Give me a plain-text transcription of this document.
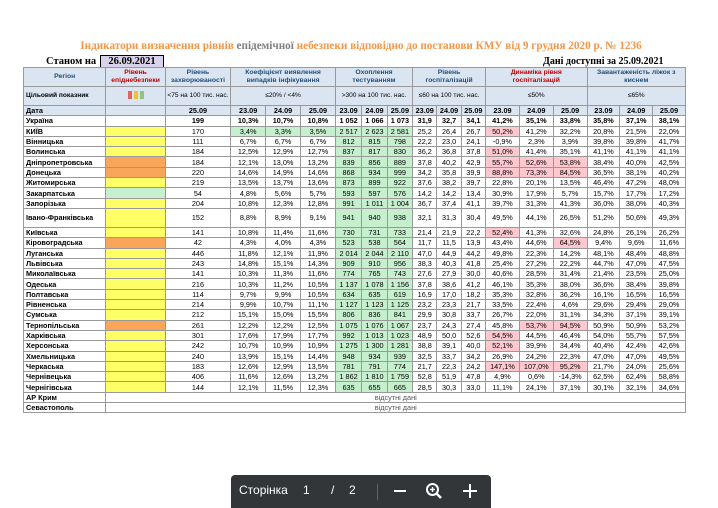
Індикатори визначення рівнів епідемічної небезпеки відповідно до постанови КМУ від 9 грудня 2020 р. № 1236
Станом на	26.09.2021	Дані доступні за 25.09.2021
Регіон	Рівень епіднебезпеки	Рівень захворюваності	Коефіцієнт виявлення випадків інфікування			Охоплення тестуванням			Рівень госпіталізацій			Динаміка рівня госпіталізацій			Завантаженість ліжок з киснем		
Цільовий показник		<75 на 100 тис. нас.	≤20% / <4%			>300 на 100 тис. нас.			≤60 на 100 тис. нас.			≤50%			≤65%		
Дата		25.09	23.09	24.09	25.09	23.09	24.09	25.09	23.09	24.09	25.09	23.09	24.09	25.09	23.09	24.09	25.09
Україна		199	10,3%	10,7%	10,8%	1 052	1 066	1 073	31,9	32,7	34,1	41,2%	35,1%	33,8%	35,8%	37,1%	38,1%
КИЇВ		170	3,4%	3,3%	3,5%	2 517	2 623	2 581	25,2	26,4	26,7	50,2%	41,2%	32,2%	20,8%	21,5%	22,0%
Вінницька		111	6,7%	6,7%	6,7%	812	815	798	22,2	23,0	24,1	-0,9%	2,3%	3,9%	39,8%	39,8%	41,7%
Волинська		184	12,5%	12,9%	12,7%	837	817	830	36,2	36,8	37,8	51,0%	41,4%	35,1%	41,1%	41,1%	41,1%
Дніпропетровська		184	12,1%	13,0%	13,2%	839	856	889	37,8	40,2	42,9	55,7%	52,6%	53,8%	38,4%	40,0%	42,5%
Донецька		220	14,6%	14,9%	14,6%	868	934	999	34,2	35,8	39,9	88,8%	73,3%	84,5%	36,5%	38,1%	40,2%
Житомирська		219	13,5%	13,7%	13,6%	873	899	922	37,6	38,2	39,7	22,8%	20,1%	13,5%	46,4%	47,2%	48,0%
Закарпатська		54	4,8%	5,6%	5,7%	593	597	576	14,2	14,2	13,4	30,9%	17,9%	5,7%	15,7%	17,7%	17,2%
Запорізька		204	10,8%	12,3%	12,8%	991	1 011	1 004	36,7	37,4	41,1	39,7%	31,3%	41,3%	36,0%	38,0%	40,3%
Івано-Франківська		152	8,8%	8,9%	9,1%	941	940	938	32,1	31,3	30,4	49,5%	44,1%	26,5%	51,2%	50,6%	49,3%
Київська		141	10,8%	11,4%	11,6%	730	731	733	21,4	21,9	22,2	52,4%	41,3%	32,6%	24,8%	26,1%	26,2%
Кіровоградська		42	4,3%	4,0%	4,3%	523	538	564	11,7	11,5	13,9	43,4%	44,6%	64,5%	9,4%	9,6%	11,6%
Луганська		446	11,8%	12,1%	11,9%	2 014	2 044	2 110	47,0	44,9	44,2	49,8%	22,3%	14,2%	48,1%	48,4%	48,8%
Львівська		243	14,8%	15,1%	14,3%	909	910	956	38,3	40,3	41,8	25,4%	27,2%	22,2%	44,7%	47,0%	47,5%
Миколаївська		141	10,3%	11,3%	11,6%	774	765	743	27,6	27,9	30,0	40,6%	28,5%	31,4%	21,4%	23,5%	25,0%
Одеська		216	10,3%	11,2%	10,5%	1 137	1 078	1 156	37,8	38,6	41,2	46,1%	35,3%	38,0%	36,6%	38,4%	39,8%
Полтавська		114	9,7%	9,9%	10,5%	634	635	619	16,9	17,0	18,2	35,3%	32,8%	36,2%	16,1%	16,5%	16,5%
Рівненська		214	9,9%	10,7%	11,1%	1 127	1 123	1 125	23,2	23,3	21,7	33,5%	22,4%	4,6%	29,6%	29,4%	29,0%
Сумська		212	15,1%	15,0%	15,5%	806	836	841	29,9	30,8	33,7	26,7%	22,0%	31,1%	34,3%	37,1%	39,1%
Тернопільська		261	12,2%	12,2%	12,5%	1 075	1 076	1 067	23,7	24,3	27,4	45,8%	53,7%	94,5%	50,9%	50,9%	53,2%
Харківська		301	17,6%	17,9%	17,7%	992	1 013	1 023	48,9	50,0	52,6	54,5%	44,5%	46,4%	54,0%	55,7%	57,5%
Херсонська		242	10,7%	10,9%	10,9%	1 275	1 300	1 281	38,8	39,1	40,0	52,1%	39,9%	34,4%	40,4%	42,4%	42,6%
Хмельницька		240	13,9%	15,1%	14,4%	948	934	939	32,5	33,7	34,2	26,9%	24,2%	22,3%	47,0%	47,0%	49,5%
Черкаська		183	12,6%	12,9%	13,5%	781	791	774	21,7	22,3	24,2	147,1%	107,0%	95,2%	21,7%	24,0%	25,6%
Чернівецька		406	11,6%	12,6%	13,2%	1 862	1 810	1 759	52,8	51,9	47,8	4,9%	0,6%	-14,3%	62,5%	62,4%	58,8%
Чернігівська		144	12,1%	11,5%	12,3%	635	655	665	28,5	30,3	33,0	11,1%	24,1%	37,1%	30,1%	32,1%	34,6%
АР Крим	відсутні дані																
Севастополь	відсутні дані																
Сторінка 1 / 2
